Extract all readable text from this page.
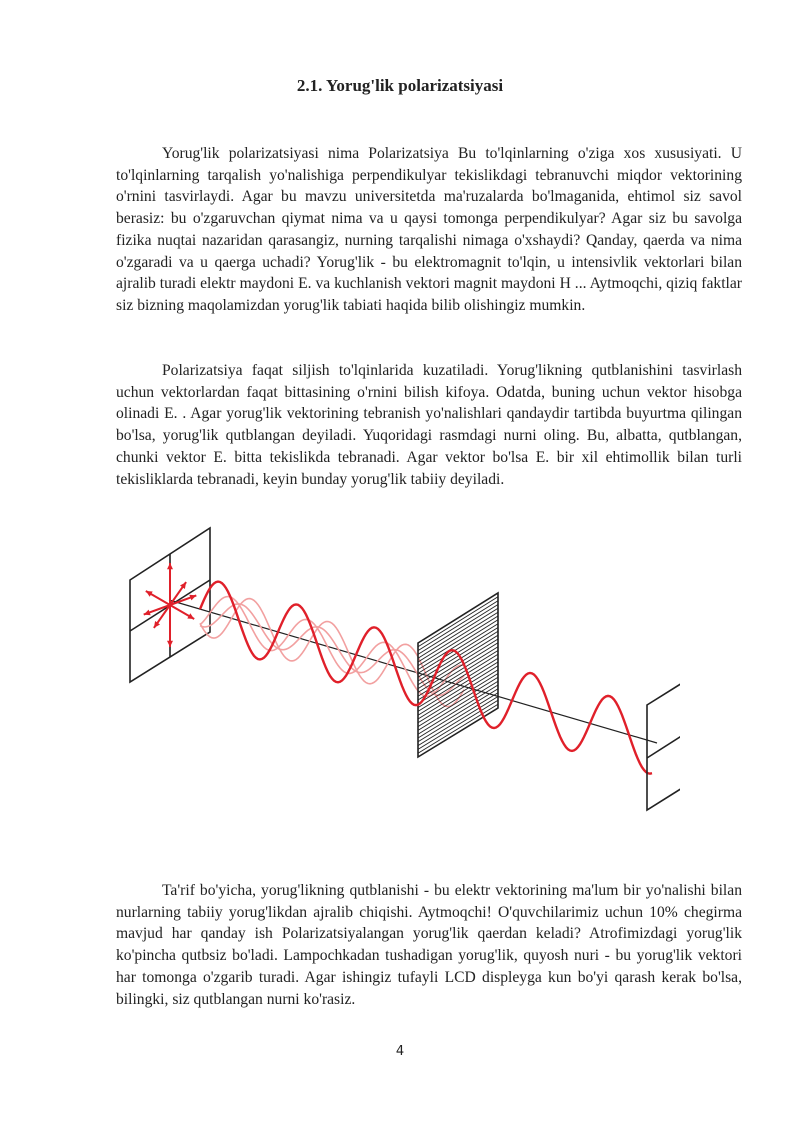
2.1. Yorug'lik polarizatsiyasi

Yorug'lik polarizatsiyasi nima Polarizatsiya Bu to'lqinlarning o'ziga xos xususiyati. U to'lqinlarning tarqalish yo'nalishiga perpendikulyar tekislikdagi tebranuvchi miqdor vektorining o'rnini tasvirlaydi. Agar bu mavzu universitetda ma'ruzalarda bo'lmaganida, ehtimol siz savol berasiz: bu o'zgaruvchan qiymat nima va u qaysi tomonga perpendikulyar? Agar siz bu savolga fizika nuqtai nazaridan qarasangiz, nurning tarqalishi nimaga o'xshaydi? Qanday, qaerda va nima o'zgaradi va u qaerga uchadi? Yorug'lik - bu elektromagnit to'lqin, u intensivlik vektorlari bilan ajralib turadi elektr maydoni E. va kuchlanish vektori magnit maydoni H ... Aytmoqchi, qiziq faktlar siz bizning maqolamizdan yorug'lik tabiati haqida bilib olishingiz mumkin.

Polarizatsiya faqat siljish to'lqinlarida kuzatiladi. Yorug'likning qutblanishini tasvirlash uchun vektorlardan faqat bittasining o'rnini bilish kifoya. Odatda, buning uchun vektor hisobga olinadi E. . Agar yorug'lik vektorining tebranish yo'nalishlari qandaydir tartibda buyurtma qilingan bo'lsa, yorug'lik qutblangan deyiladi. Yuqoridagi rasmdagi nurni oling. Bu, albatta, qutblangan, chunki vektor E. bitta tekislikda tebranadi. Agar vektor bo'lsa E. bir xil ehtimollik bilan turli tekisliklarda tebranadi, keyin bunday yorug'lik tabiiy deyiladi.

Ta'rif bo'yicha, yorug'likning qutblanishi - bu elektr vektorining ma'lum bir yo'nalishi bilan nurlarning tabiiy yorug'likdan ajralib chiqishi. Aytmoqchi! O'quvchilarimiz uchun 10% chegirma mavjud har qanday ish Polarizatsiyalangan yorug'lik qaerdan keladi? Atrofimizdagi yorug'lik ko'pincha qutbsiz bo'ladi. Lampochkadan tushadigan yorug'lik, quyosh nuri - bu yorug'lik vektori har tomonga o'zgarib turadi. Agar ishingiz tufayli LCD displeyga kun bo'yi qarash kerak bo'lsa, bilingki, siz qutblangan nurni ko'rasiz.

4
